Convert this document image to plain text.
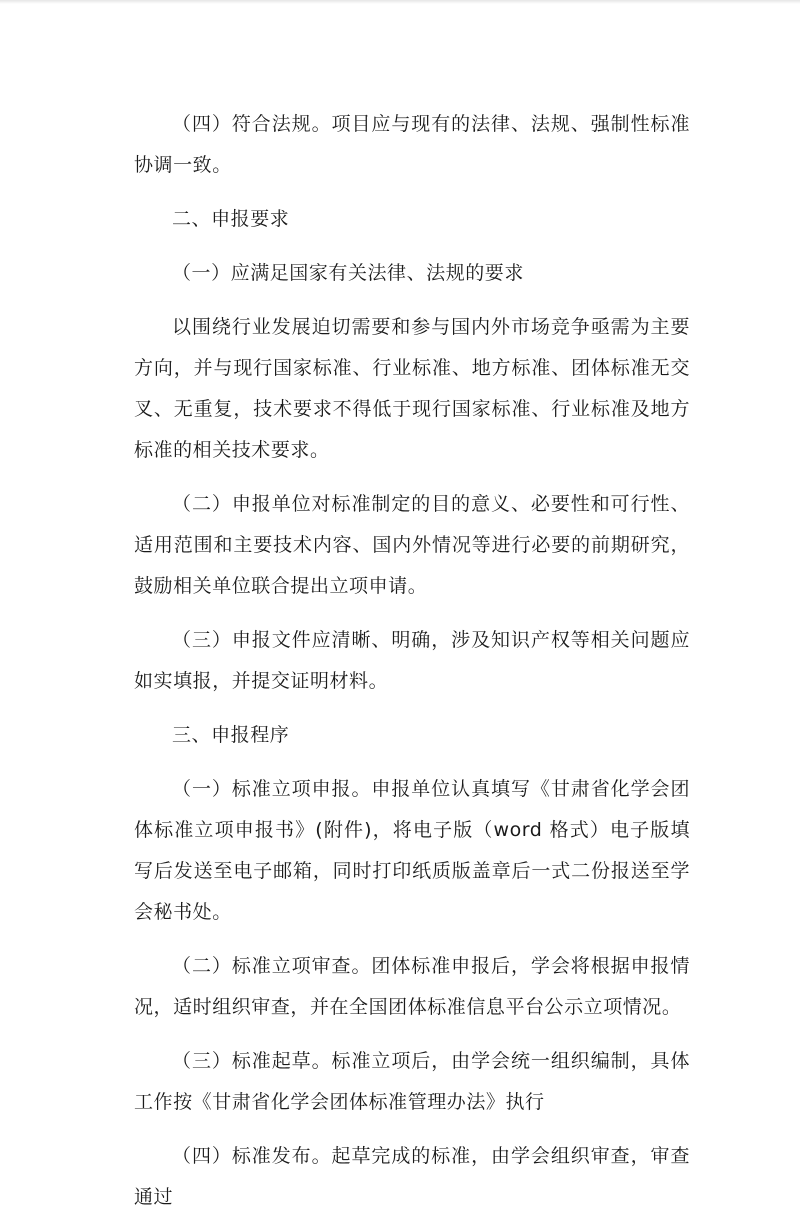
（四）符合法规。项目应与现有的法律、法规、强制性标准协调一致。

二、申报要求

（一）应满足国家有关法律、法规的要求

以围绕行业发展迫切需要和参与国内外市场竞争亟需为主要方向，并与现行国家标准、行业标准、地方标准、团体标准无交叉、无重复，技术要求不得低于现行国家标准、行业标准及地方标准的相关技术要求。

（二）申报单位对标准制定的目的意义、必要性和可行性、适用范围和主要技术内容、国内外情况等进行必要的前期研究，鼓励相关单位联合提出立项申请。

（三）申报文件应清晰、明确，涉及知识产权等相关问题应如实填报，并提交证明材料。

三、申报程序

（一）标准立项申报。申报单位认真填写《甘肃省化学会团体标准立项申报书》(附件)，将电子版（word 格式）电子版填写后发送至电子邮箱，同时打印纸质版盖章后一式二份报送至学会秘书处。

（二）标准立项审查。团体标准申报后，学会将根据申报情况，适时组织审查，并在全国团体标准信息平台公示立项情况。

（三）标准起草。标准立项后，由学会统一组织编制，具体工作按《甘肃省化学会团体标准管理办法》执行

（四）标准发布。起草完成的标准，由学会组织审查，审查通过
